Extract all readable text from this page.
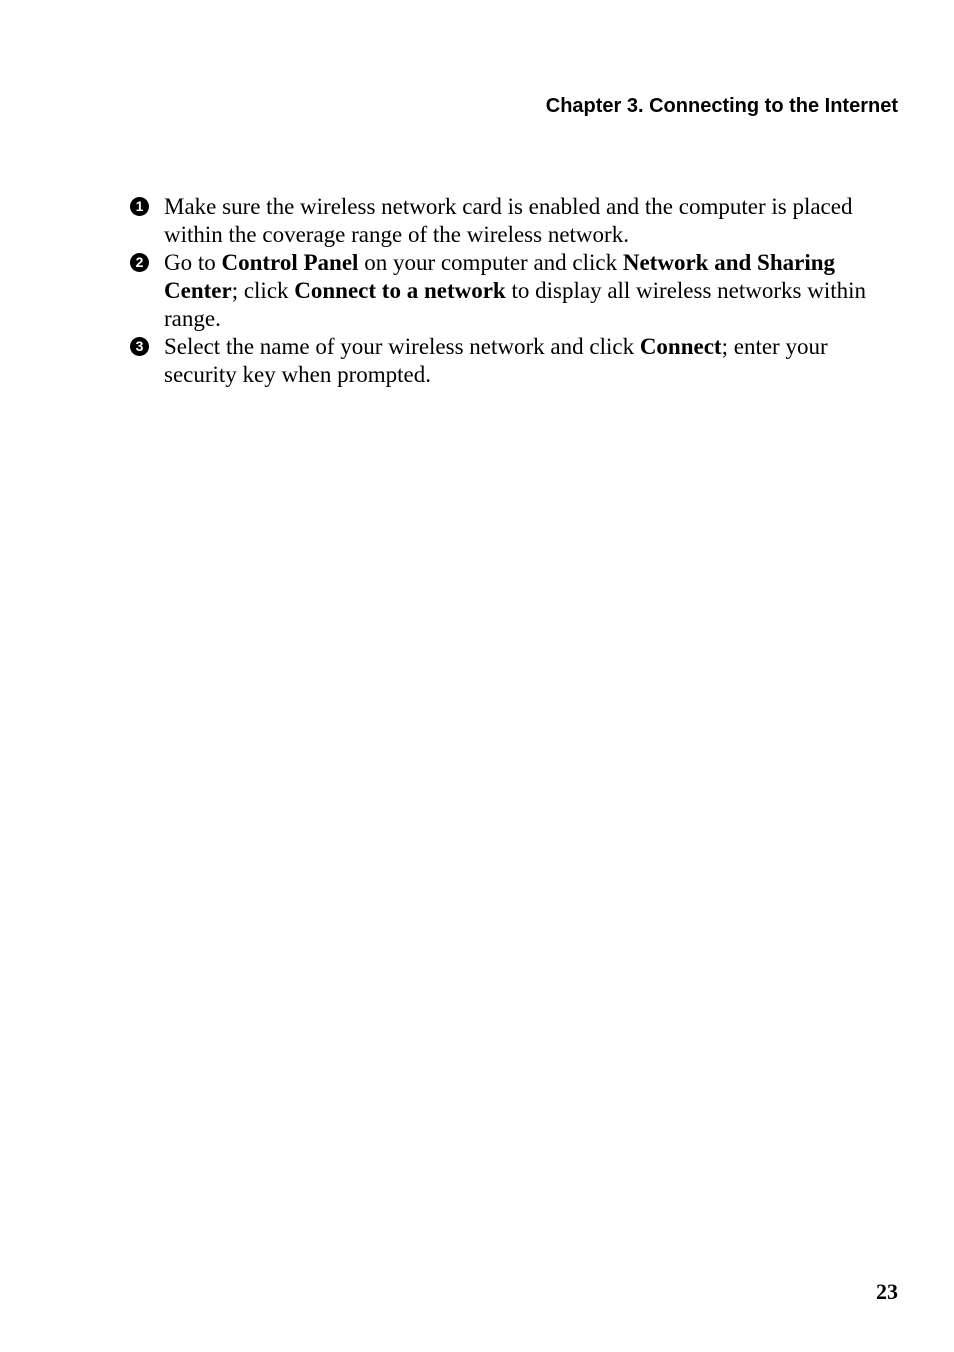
Chapter 3. Connecting to the Internet
1 Make sure the wireless network card is enabled and the computer is placed within the coverage range of the wireless network.
2 Go to Control Panel on your computer and click Network and Sharing Center; click Connect to a network to display all wireless networks within range.
3 Select the name of your wireless network and click Connect; enter your security key when prompted.
23
